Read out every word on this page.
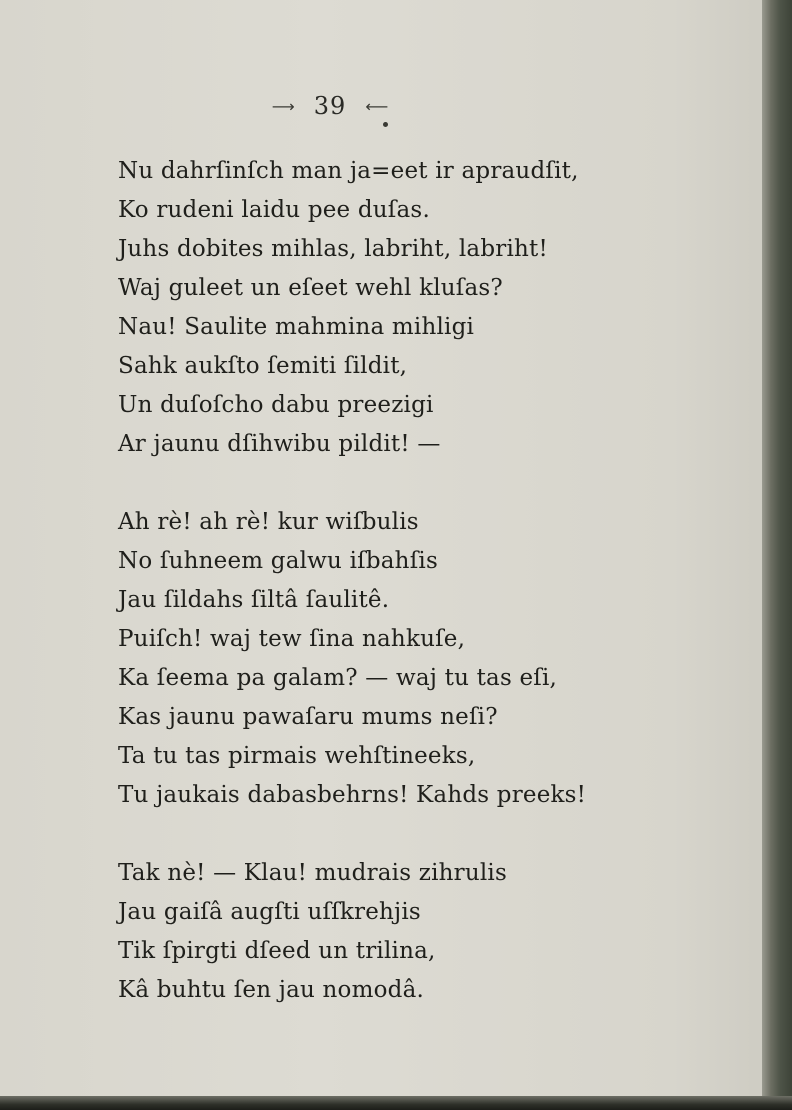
⟶ 39 ⟵
Nu dahrſinſch man ja=eet ir apraudſit,
Ko rudeni laidu pee duſas.
Juhs dobites mihlas, labriht, labriht!
Waj guleet un eſeet wehl kluſas?
Nau! Saulite mahmina mihligi
Sahk aukſto ſemiti ſildit,
Un duſoſcho dabu preezigi
Ar jaunu dſihwibu pildit! —
Ah rè! ah rè! kur wiſbulis
No ſuhneem galwu iſbahſis
Jau ſildahs ſiltâ ſaulitê.
Puiſch! waj tew ſina nahkuſe,
Ka ſeema pa galam? — waj tu tas eſi,
Kas jaunu pawaſaru mums neſi?
Ta tu tas pirmais wehſtineeks,
Tu jaukais dabasbehrns! Kahds preeks!
Tak nè! — Klau! mudrais zihrulis
Jau gaiſâ augſti uſſkrehjis
Tik ſpirgti dſeed un trilina,
Kâ buhtu ſen jau nomodâ.
